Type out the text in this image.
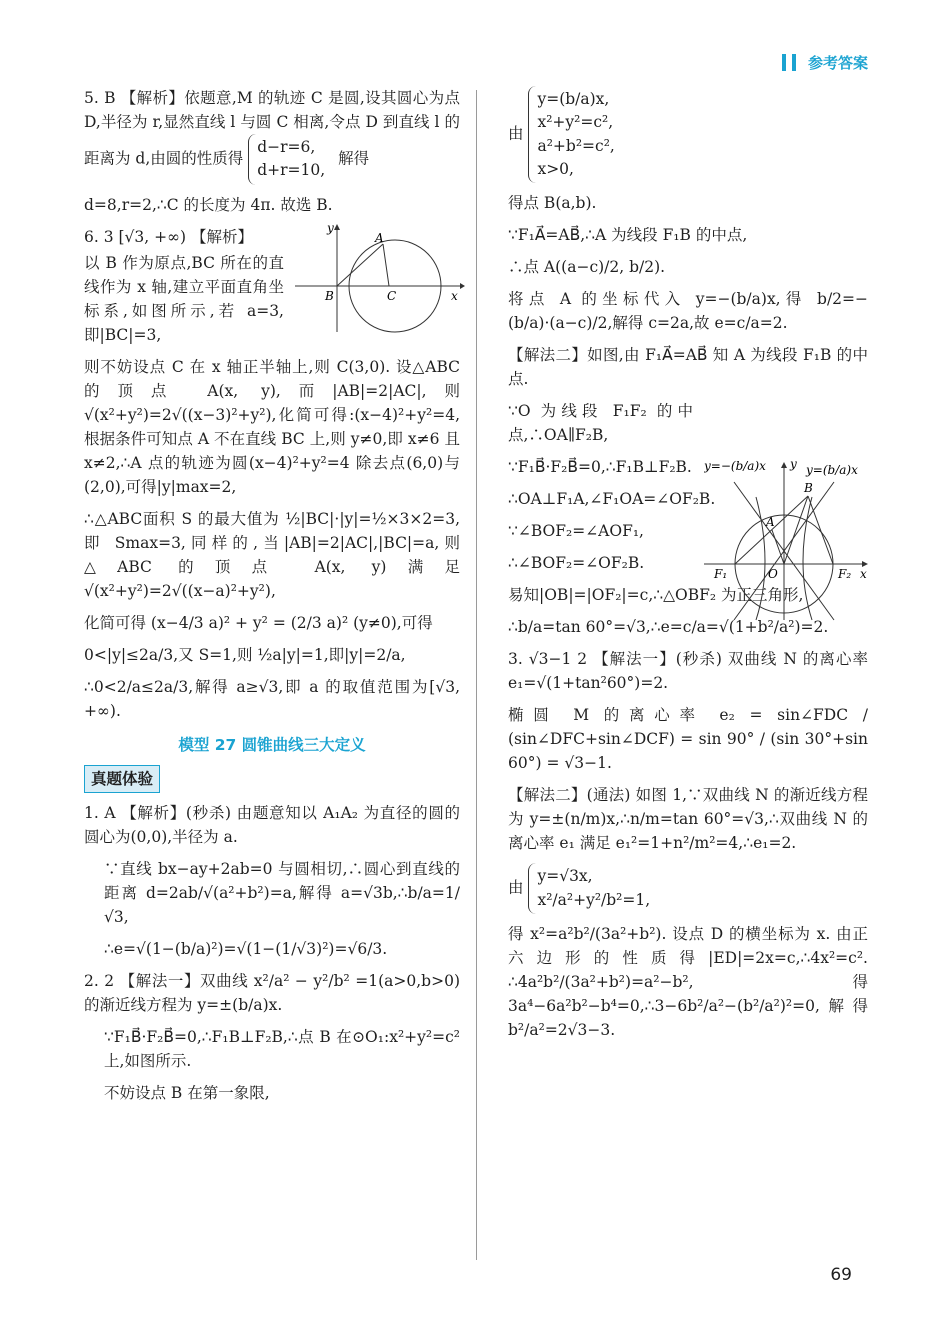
参考答案

5. B 【解析】依题意,M 的轨迹 C 是圆,设其圆心为点 D,半径为 r,显然直线 l 与圆 C 相离,令点 D 到直线 l 的距离为 d,由圆的性质得 d−r=6,
d+r=10, 解得

d=8,r=2,∴C 的长度为 4π. 故选 B.

6. 3 [√3, +∞) 【解析】

以 B 作为原点,BC 所在的直线作为 x 轴,建立平面直角坐标系,如图所示,若 a=3,即|BC|=3,

则不妨设点 C 在 x 轴正半轴上,则 C(3,0). 设△ABC 的顶点 A(x, y),而|AB|=2|AC|,则 √(x²+y²)=2√((x−3)²+y²),化简可得:(x−4)²+y²=4,根据条件可知点 A 不在直线 BC 上,则 y≠0,即 x≠6 且 x≠2,∴A 点的轨迹为圆(x−4)²+y²=4 除去点(6,0)与(2,0),可得|y|max=2,

∴△ABC面积 S 的最大值为 ½|BC|·|y|=½×3×2=3,即 Smax=3,同样的,当|AB|=2|AC|,|BC|=a,则△ABC 的顶点 A(x, y)满足 √(x²+y²)=2√((x−a)²+y²),

化简可得 (x−4/3 a)² + y² = (2/3 a)² (y≠0),可得

0<|y|≤2a/3,又 S=1,则 ½a|y|=1,即|y|=2/a,

∴0<2/a≤2a/3,解得 a≥√3,即 a 的取值范围为[√3, +∞).

模型 27 圆锥曲线三大定义
真题体验

1. A 【解析】(秒杀) 由题意知以 A₁A₂ 为直径的圆的圆心为(0,0),半径为 a.

∵直线 bx−ay+2ab=0 与圆相切,∴圆心到直线的距离 d=2ab/√(a²+b²)=a,解得 a=√3b,∴b/a=1/√3,

∴e=√(1−(b/a)²)=√(1−(1/√3)²)=√6/3.

2. 2 【解法一】双曲线 x²/a² − y²/b² =1(a>0,b>0)的渐近线方程为 y=±(b/a)x.

∵F₁B⃗·F₂B⃗=0,∴F₁B⊥F₂B,∴点 B 在⊙O₁:x²+y²=c² 上,如图所示.

不妨设点 B 在第一象限,

y
x
A
B	C

由 y=(b/a)x,
x²+y²=c²,
a²+b²=c²,
x>0,

得点 B(a,b).

∵F₁A⃗=AB⃗,∴A 为线段 F₁B 的中点,

∴点 A((a−c)/2, b/2).

将点 A 的坐标代入 y=−(b/a)x,得 b/2=−(b/a)·(a−c)/2,解得 c=2a,故 e=c/a=2.

【解法二】如图,由 F₁A⃗=AB⃗ 知 A 为线段 F₁B 的中点.

∵O 为线段 F₁F₂ 的中点,∴OA∥F₂B,

∵F₁B⃗·F₂B⃗=0,∴F₁B⊥F₂B.

∴OA⊥F₁A,∠F₁OA=∠OF₂B.

∵∠BOF₂=∠AOF₁,

∴∠BOF₂=∠OF₂B.

易知|OB|=|OF₂|=c,∴△OBF₂ 为正三角形,

∴b/a=tan 60°=√3,∴e=c/a=√(1+b²/a²)=2.

3. √3−1 2 【解法一】(秒杀) 双曲线 N 的离心率 e₁=√(1+tan²60°)=2.

椭圆 M 的离心率 e₂ = sin∠FDC / (sin∠DFC+sin∠DCF) = sin 90° / (sin 30°+sin 60°) = √3−1.

【解法二】(通法) 如图 1,∵双曲线 N 的渐近线方程为 y=±(n/m)x,∴n/m=tan 60°=√3,∴双曲线 N 的离心率 e₁ 满足 e₁²=1+n²/m²=4,∴e₁=2.

由 y=√3x,
x²/a²+y²/b²=1,

得 x²=a²b²/(3a²+b²). 设点 D 的横坐标为 x. 由正六边形的性质得|ED|=2x=c,∴4x²=c². ∴4a²b²/(3a²+b²)=a²−b²,得 3a⁴−6a²b²−b⁴=0,∴3−6b²/a²−(b²/a²)²=0,解得 b²/a²=2√3−3.

y=−(b/a)x	y=(b/a)x
y
x
A
B
O
F₁	F₂
69
